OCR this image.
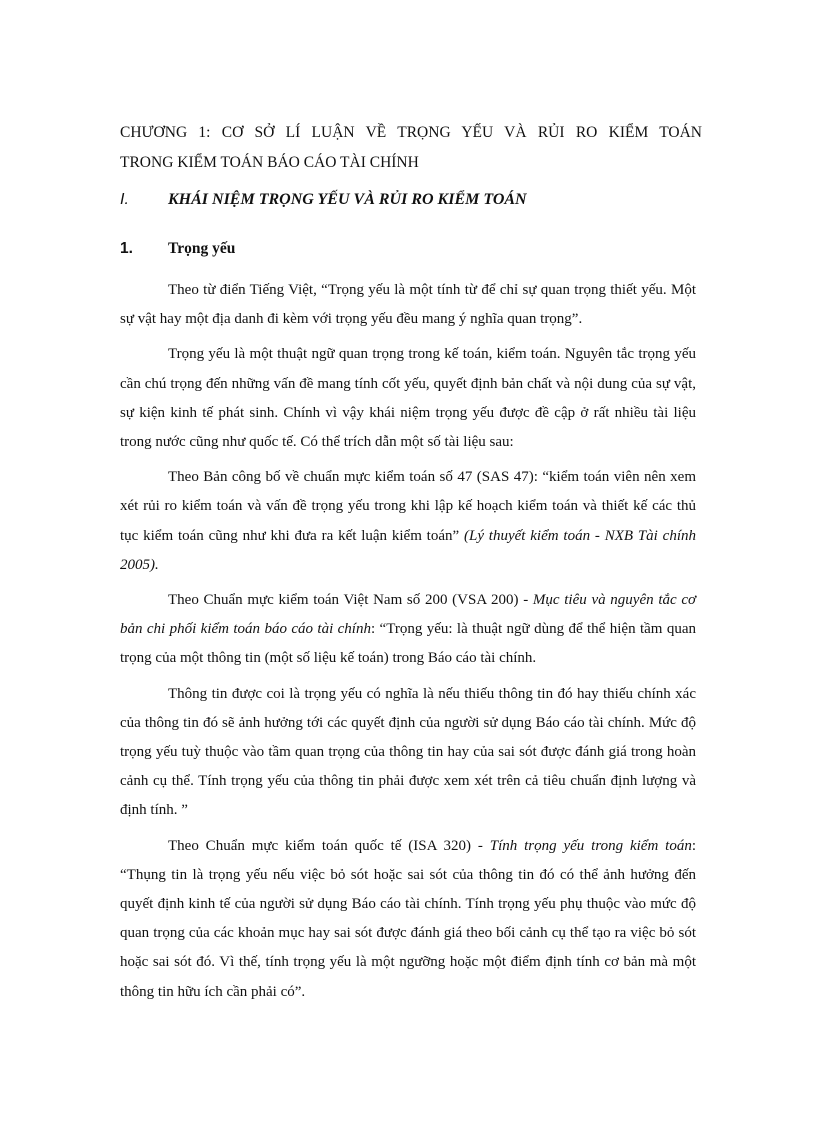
CHƯƠNG 1: CƠ SỞ LÍ LUẬN VỀ TRỌNG YẾU VÀ RỦI RO KIỂM TOÁN
TRONG KIỂM TOÁN BÁO CÁO TÀI CHÍNH
I. KHÁI NIỆM TRỌNG YẾU VÀ RỦI RO KIỂM TOÁN
1. Trọng yếu

Theo từ điển Tiếng Việt, “Trọng yếu là một tính từ để chỉ sự quan trọng thiết yếu. Một sự vật hay một địa danh đi kèm với trọng yếu đều mang ý nghĩa quan trọng”.

Trọng yếu là một thuật ngữ quan trọng trong kế toán, kiểm toán. Nguyên tắc trọng yếu cần chú trọng đến những vấn đề mang tính cốt yếu, quyết định bản chất và nội dung của sự vật, sự kiện kinh tế phát sinh. Chính vì vậy khái niệm trọng yếu được đề cập ở rất nhiều tài liệu trong nước cũng như quốc tế. Có thể trích dẫn một số tài liệu sau:

Theo Bản công bố về chuẩn mực kiểm toán số 47 (SAS 47): “kiểm toán viên nên xem xét rủi ro kiểm toán và vấn đề trọng yếu trong khi lập kế hoạch kiểm toán và thiết kế các thủ tục kiểm toán cũng như khi đưa ra kết luận kiểm toán” (Lý thuyết kiểm toán - NXB Tài chính 2005).

Theo Chuẩn mực kiểm toán Việt Nam số 200 (VSA 200) - Mục tiêu và nguyên tắc cơ bản chi phối kiểm toán báo cáo tài chính: “Trọng yếu: là thuật ngữ dùng để thể hiện tầm quan trọng của một thông tin (một số liệu kế toán) trong Báo cáo tài chính.

Thông tin được coi là trọng yếu có nghĩa là nếu thiếu thông tin đó hay thiếu chính xác của thông tin đó sẽ ảnh hưởng tới các quyết định của người sử dụng Báo cáo tài chính. Mức độ trọng yếu tuỳ thuộc vào tầm quan trọng của thông tin hay của sai sót được đánh giá trong hoàn cảnh cụ thể. Tính trọng yếu của thông tin phải được xem xét trên cả tiêu chuẩn định lượng và định tính. ”

Theo Chuẩn mực kiểm toán quốc tế (ISA 320) - Tính trọng yếu trong kiểm toán: “Thụng tin là trọng yếu nếu việc bỏ sót hoặc sai sót của thông tin đó có thể ảnh hưởng đến quyết định kinh tế của người sử dụng Báo cáo tài chính. Tính trọng yếu phụ thuộc vào mức độ quan trọng của các khoản mục hay sai sót được đánh giá theo bối cảnh cụ thể tạo ra việc bỏ sót hoặc sai sót đó. Vì thế, tính trọng yếu là một ngưỡng hoặc một điểm định tính cơ bản mà một thông tin hữu ích cần phải có”.
